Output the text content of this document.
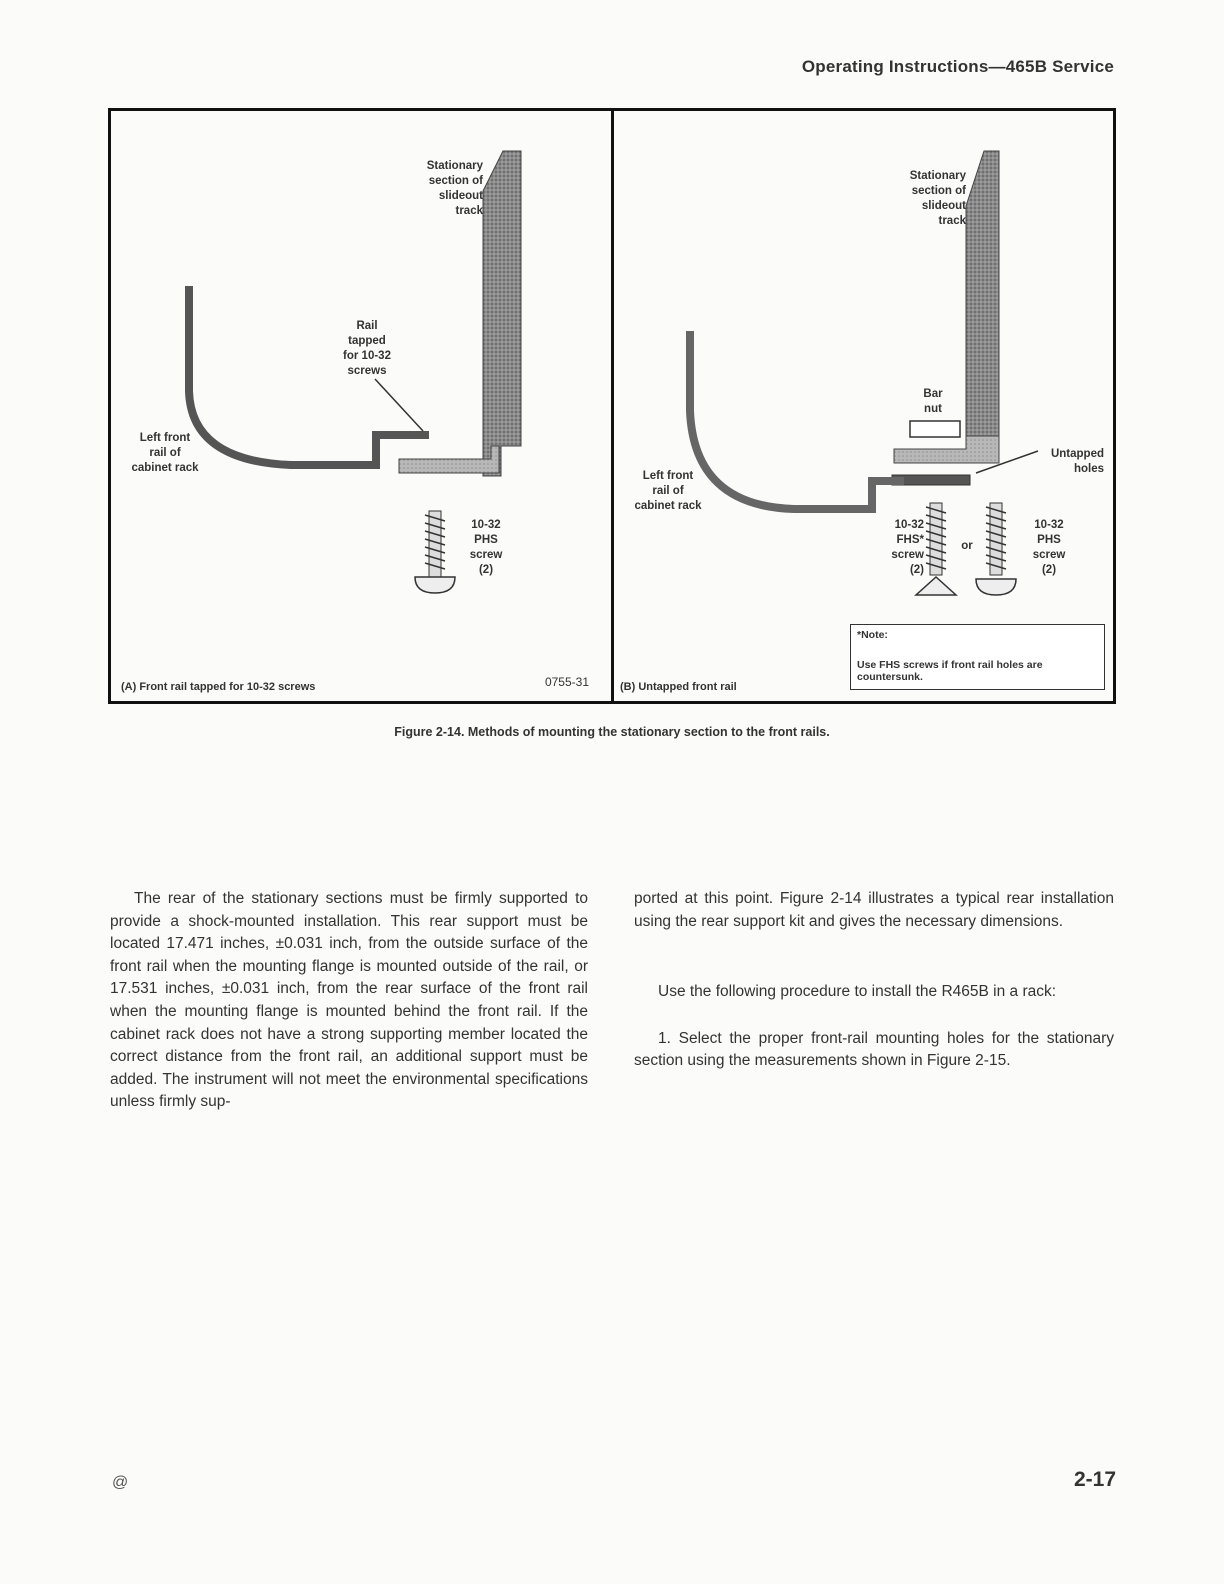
Operating Instructions—465B Service
Stationary
section of
slideout
track
Rail
tapped
for 10-32
screws
Left front
rail of
cabinet rack
10-32
PHS
screw
(2)
(A) Front rail tapped for 10-32 screws	0755-31
Stationary
section of
slideout
track
Bar
nut
Untapped
holes
Left front
rail of
cabinet rack
10-32
FHS*
screw
(2)
or
10-32
PHS
screw
(2)
*Note:
Use FHS screws if front rail holes are countersunk.
(B) Untapped front rail
Figure 2-14. Methods of mounting the stationary section to the front rails.

The rear of the stationary sections must be firmly supported to provide a shock-mounted installation. This rear support must be located 17.471 inches, ±0.031 inch, from the outside surface of the front rail when the mounting flange is mounted outside of the rail, or 17.531 inches, ±0.031 inch, from the rear surface of the front rail when the mounting flange is mounted behind the front rail. If the cabinet rack does not have a strong supporting member located the correct distance from the front rail, an additional support must be added. The instrument will not meet the environmental specifications unless firmly sup-

ported at this point. Figure 2-14 illustrates a typical rear installation using the rear support kit and gives the necessary dimensions.

Use the following procedure to install the R465B in a rack:

1. Select the proper front-rail mounting holes for the stationary section using the measurements shown in Figure 2-15.

@	2-17
